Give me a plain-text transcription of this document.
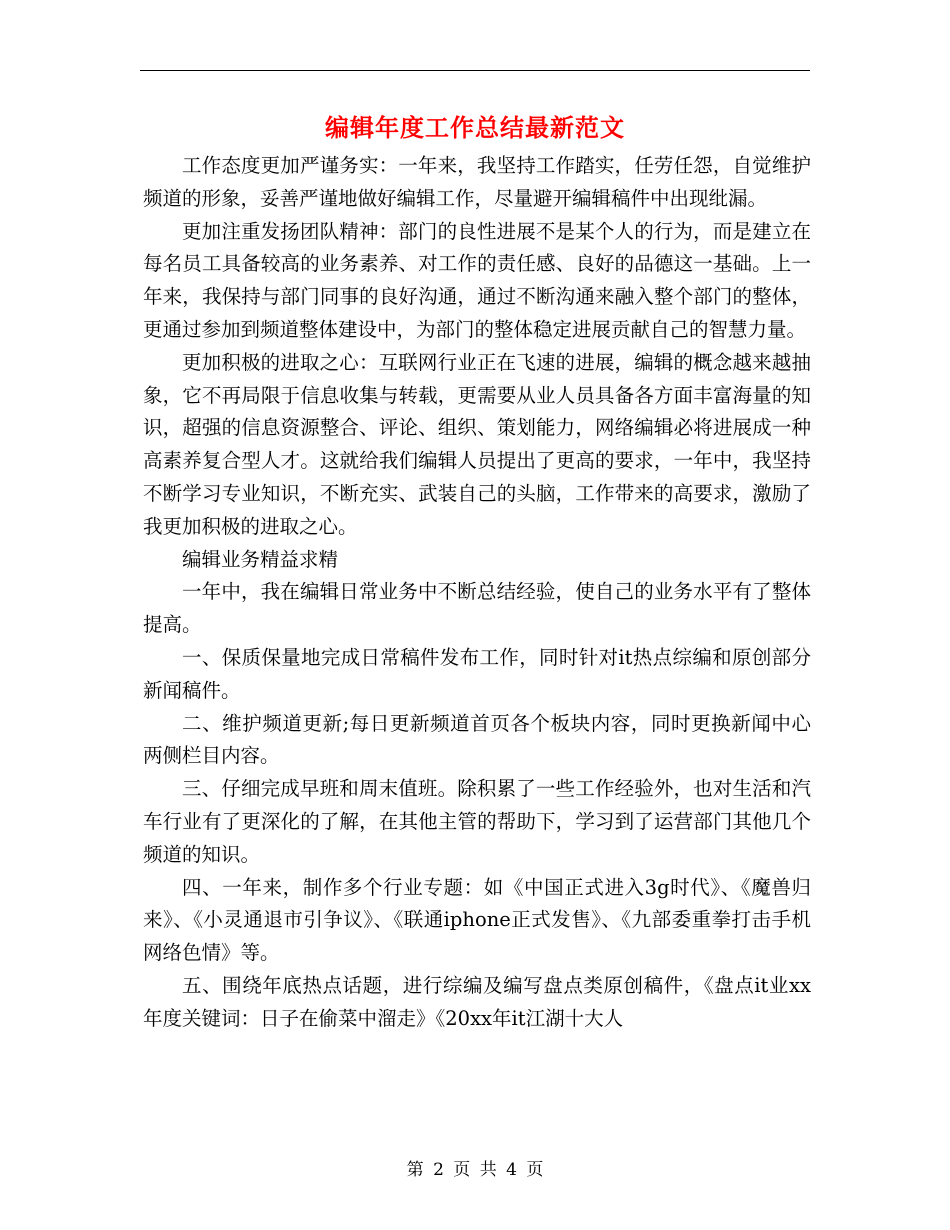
编辑年度工作总结最新范文

工作态度更加严谨务实：一年来，我坚持工作踏实，任劳任怨，自觉维护频道的形象，妥善严谨地做好编辑工作，尽量避开编辑稿件中出现纰漏。

更加注重发扬团队精神：部门的良性进展不是某个人的行为，而是建立在每名员工具备较高的业务素养、对工作的责任感、良好的品德这一基础。上一年来，我保持与部门同事的良好沟通，通过不断沟通来融入整个部门的整体，更通过参加到频道整体建设中，为部门的整体稳定进展贡献自己的智慧力量。

更加积极的进取之心：互联网行业正在飞速的进展，编辑的概念越来越抽象，它不再局限于信息收集与转载，更需要从业人员具备各方面丰富海量的知识，超强的信息资源整合、评论、组织、策划能力，网络编辑必将进展成一种高素养复合型人才。这就给我们编辑人员提出了更高的要求，一年中，我坚持不断学习专业知识，不断充实、武装自己的头脑，工作带来的高要求，激励了我更加积极的进取之心。

编辑业务精益求精

一年中，我在编辑日常业务中不断总结经验，使自己的业务水平有了整体提高。

一、保质保量地完成日常稿件发布工作，同时针对it热点综编和原创部分新闻稿件。

二、维护频道更新;每日更新频道首页各个板块内容，同时更换新闻中心两侧栏目内容。

三、仔细完成早班和周末值班。除积累了一些工作经验外，也对生活和汽车行业有了更深化的了解，在其他主管的帮助下，学习到了运营部门其他几个频道的知识。

四、一年来，制作多个行业专题：如《中国正式进入3g时代》、《魔兽归来》、《小灵通退市引争议》、《联通iphone正式发售》、《九部委重拳打击手机网络色情》等。

五、围绕年底热点话题，进行综编及编写盘点类原创稿件，《盘点it业xx年度关键词：日子在偷菜中溜走》《20xx年it江湖十大人

第 2 页 共 4 页
